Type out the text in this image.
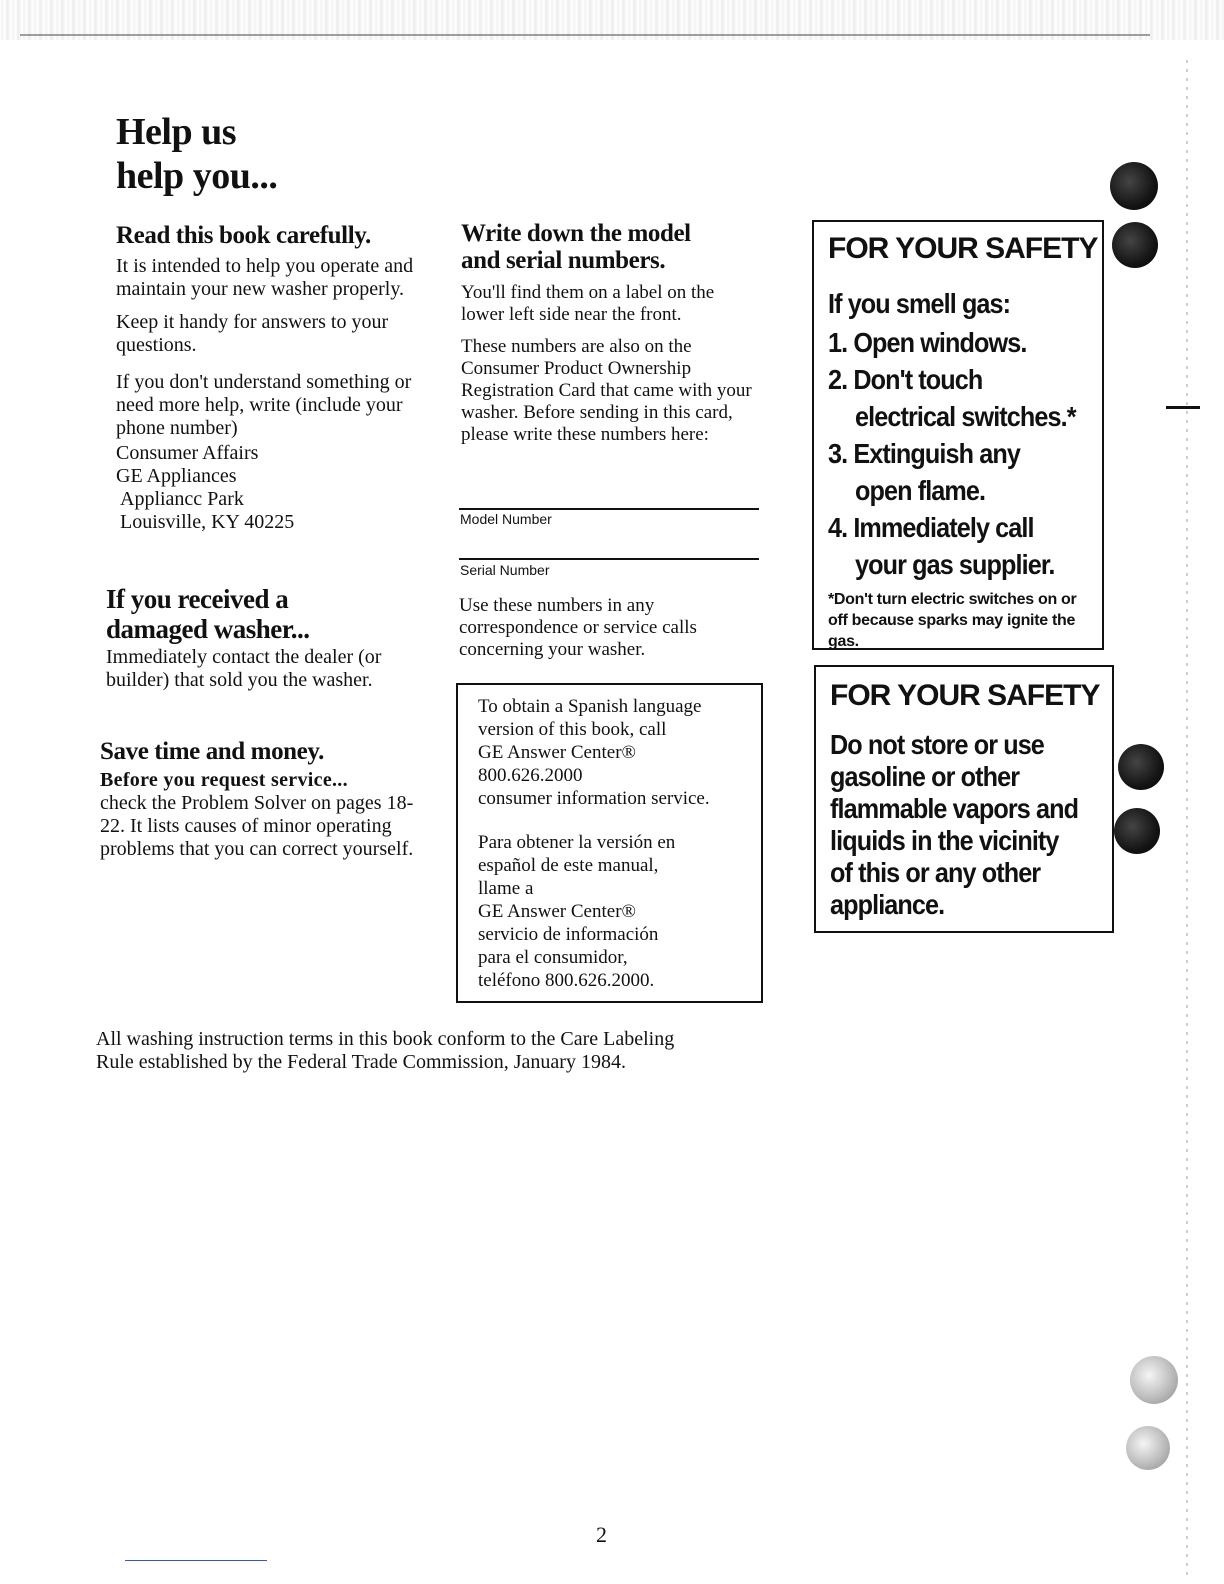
Help us
help you...
Read this book carefully.

It is intended to help you operate and maintain your new washer properly.

Keep it handy for answers to your questions.

If you don't understand something or need more help, write (include your phone number)

Consumer Affairs
GE Appliances
Appliancc Park
Louisville, KY 40225
If you received a
damaged washer...
Immediately contact the dealer (or builder) that sold you the washer.
Save time and money.
Before you request service...
check the Problem Solver on pages 18-22. It lists causes of minor operating problems that you can correct yourself.
Write down the model
and serial numbers.

You'll find them on a label on the lower left side near the front.

These numbers are also on the Consumer Product Ownership Registration Card that came with your washer. Before sending in this card, please write these numbers here:

Model Number
Serial Number
Use these numbers in any correspondence or service calls concerning your washer.
To obtain a Spanish language
version of this book, call
GE Answer Center®
800.626.2000
consumer information service.
Para obtener la versión en
español de este manual,
llame a
GE Answer Center®
servicio de información
para el consumidor,
teléfono 800.626.2000.
FOR YOUR SAFETY
If you smell gas:
1. Open windows.
2. Don't touch
electrical switches.*
3. Extinguish any
open flame.
4. Immediately call
your gas supplier.
*Don't turn electric switches on or off because sparks may ignite the gas.
FOR YOUR SAFETY
Do not store or use
gasoline or other
flammable vapors and
liquids in the vicinity
of this or any other
appliance.
All washing instruction terms in this book conform to the Care Labeling Rule established by the Federal Trade Commission, January 1984.
2
